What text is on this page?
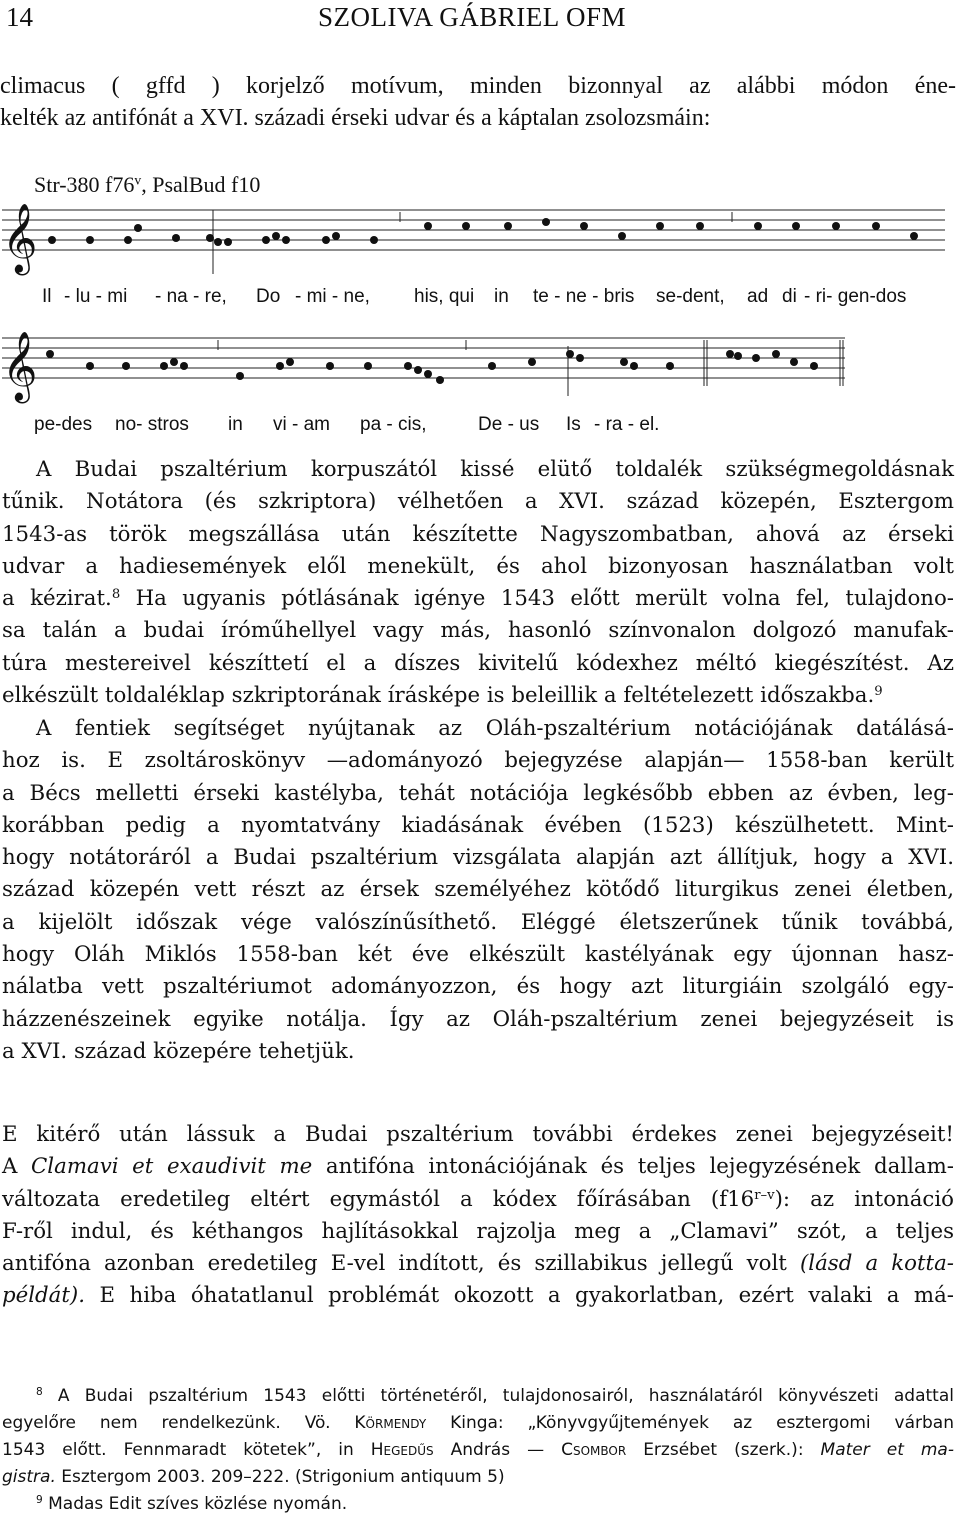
14	SZOLIVA GÁBRIEL OFM
climacus ( gffd ) korjelző motívum, minden bizonnyal az alábbi módon éne-
kelték az antifónát a XVI. századi érseki udvar és a káptalan zsolozsmáin:
Str-380 f76$^v$, PsalBud f10
𝄞
Il - lu - mi - na - re, Do - mi - ne, his, qui in te - ne - bris se-dent, ad di - ri- gen-dos
𝄞
pe-des no- stros in vi - am pa - cis,	De - us Is - ra - el.
A Budai pszaltérium korpuszától kissé elütő toldalék szükségmegoldásnak
tűnik. Notátora (és szkriptora) vélhetően a XVI. század közepén, Esztergom
1543-as török megszállása után készítette Nagyszombatban, ahová az érseki
udvar a hadiesemények elől menekült, és ahol bizonyosan használatban volt
a kézirat.$^8$ Ha ugyanis pótlásának igénye 1543 előtt merült volna fel, tulajdono-
sa talán a budai íróműhellyel vagy más, hasonló színvonalon dolgozó manufak-
túra mestereivel készíttetí el a díszes kivitelű kódexhez méltó kiegészítést. Az
elkészült toldaléklap szkriptorának írásképe is beleillik a feltételezett időszakba.$^9$
A fentiek segítséget nyújtanak az Oláh-pszaltérium notációjának datálásá-
hoz is. E zsoltároskönyv —adományozó bejegyzése alapján— 1558-ban került
a Bécs melletti érseki kastélyba, tehát notációja legkésőbb ebben az évben, leg-
korábban pedig a nyomtatvány kiadásának évében (1523) készülhetett. Mint-
hogy notátoráról a Budai pszaltérium vizsgálata alapján azt állítjuk, hogy a XVI.
század közepén vett részt az érsek személyéhez kötődő liturgikus zenei életben,
a kijelölt időszak vége valószínűsíthető. Eléggé életszerűnek tűnik továbbá,
hogy Oláh Miklós 1558-ban két éve elkészült kastélyának egy újonnan hasz-
nálatba vett pszaltériumot adományozzon, és hogy azt liturgiáin szolgáló egy-
házzenészeinek egyike notálja. Így az Oláh-pszaltérium zenei bejegyzéseit is
a XVI. század közepére tehetjük.
E kitérő után lássuk a Budai pszaltérium további érdekes zenei bejegyzéseit!
A Clamavi et exaudivit me antifóna intonációjának és teljes lejegyzésének dallam-
változata eredetileg eltért egymástól a kódex főírásában (f16$^{r-v}$): az intonáció
F-ről indul, és kéthangos hajlításokkal rajzolja meg a „Clamavi” szót, a teljes
antifóna azonban eredetileg E-vel indított, és szillabikus jellegű volt (lásd a kotta-
példát). E hiba óhatatlanul problémát okozott a gyakorlatban, ezért valaki a má-
$^8$ A Budai pszaltérium 1543 előtti történetéről, tulajdonosairól, használatáról könyvészeti adattal
egyelőre nem rendelkezünk. Vö. Körmendy Kinga: „Könyvgyűjtemények az esztergomi várban
1543 előtt. Fennmaradt kötetek”, in Hegedűs András — Csombor Erzsébet (szerk.): Mater et ma-
gistra. Esztergom 2003. 209–222. (Strigonium antiquum 5)
$^9$ Madas Edit szíves közlése nyomán.
